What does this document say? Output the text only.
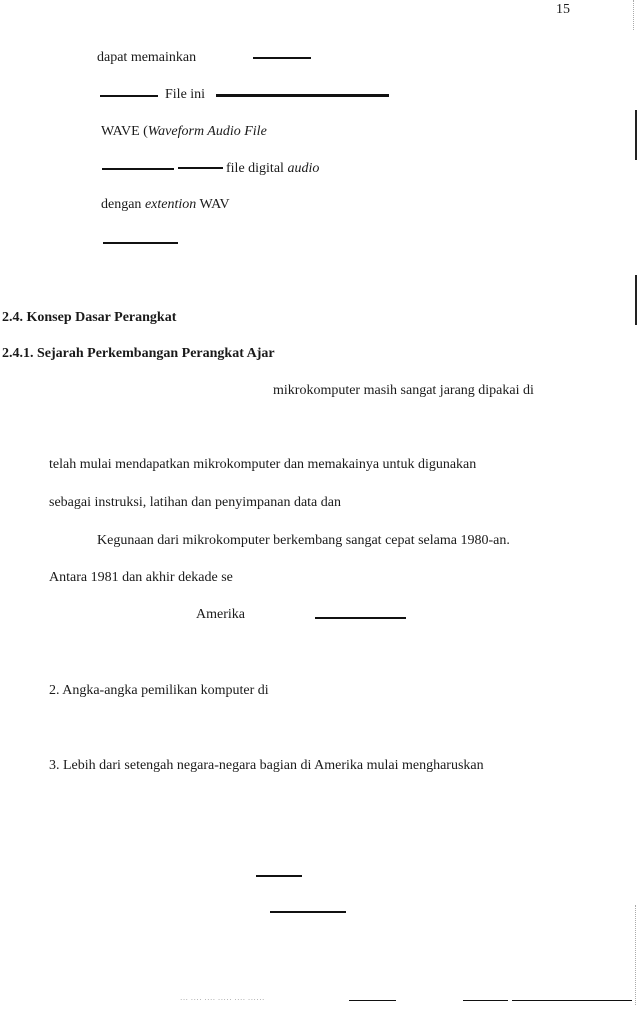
15
dapat memainkan
File ini
WAVE (Waveform Audio File
file digital audio
dengan extention WAV
2.4. Konsep Dasar Perangkat
2.4.1. Sejarah Perkembangan Perangkat Ajar
mikrokomputer masih sangat jarang dipakai di
telah mulai mendapatkan mikrokomputer dan memakainya untuk digunakan
sebagai instruksi, latihan dan penyimpanan data dan
Kegunaan dari mikrokomputer berkembang sangat cepat selama 1980-an.
Antara 1981 dan akhir dekade se
Amerika
2. Angka-angka pemilikan komputer di
3. Lebih dari setengah negara-negara bagian di Amerika mulai mengharuskan
··· ···· ···· ····· ···· ······
